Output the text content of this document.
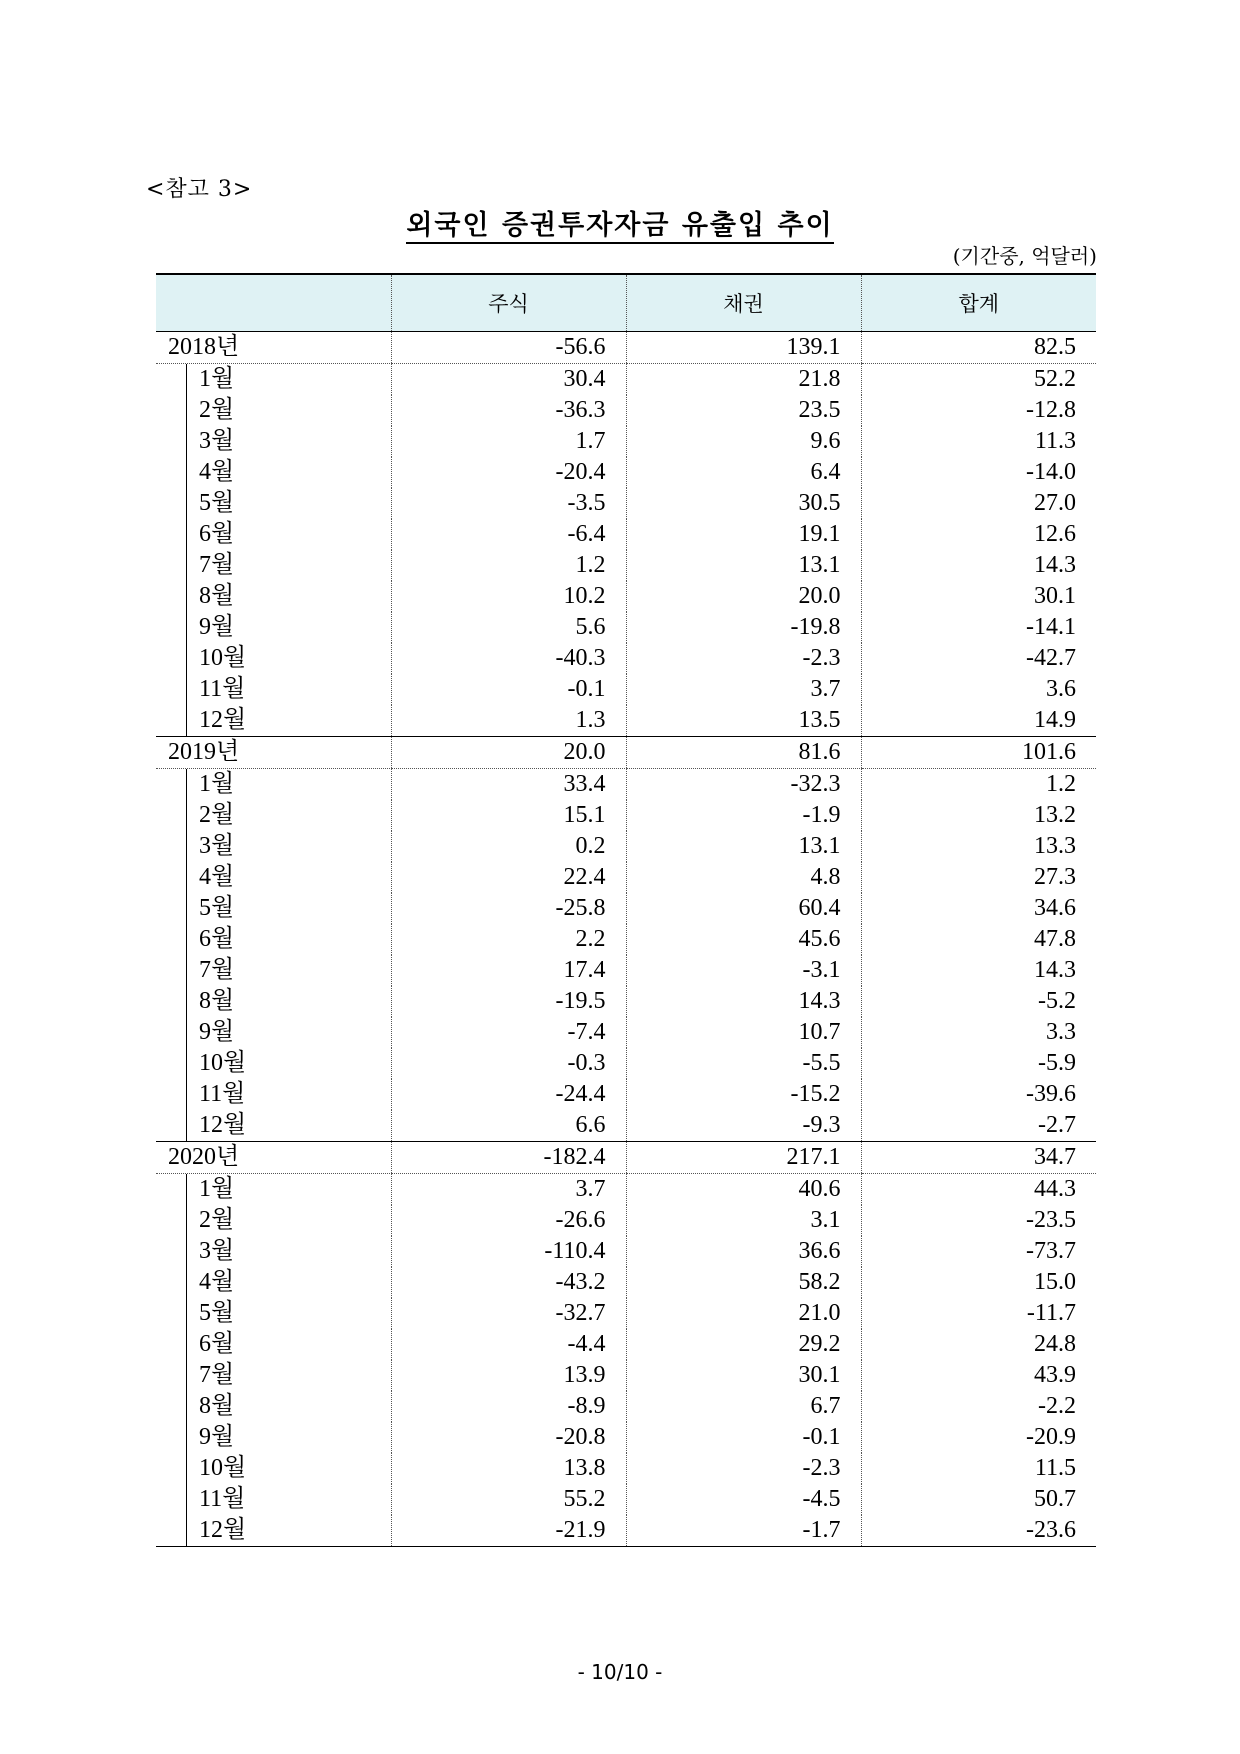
<참고 3>
외국인 증권투자자금 유출입 추이
(기간중, 억달러)
	주식	채권	합계
2018년	-56.6	139.1	82.5

1월	30.4	21.8	52.2

2월	-36.3	23.5	-12.8

3월	1.7	9.6	11.3

4월	-20.4	6.4	-14.0

5월	-3.5	30.5	27.0

6월	-6.4	19.1	12.6

7월	1.2	13.1	14.3

8월	10.2	20.0	30.1

9월	5.6	-19.8	-14.1

10월	-40.3	-2.3	-42.7

11월	-0.1	3.7	3.6

12월	1.3	13.5	14.9
2019년	20.0	81.6	101.6

1월	33.4	-32.3	1.2

2월	15.1	-1.9	13.2

3월	0.2	13.1	13.3

4월	22.4	4.8	27.3

5월	-25.8	60.4	34.6

6월	2.2	45.6	47.8

7월	17.4	-3.1	14.3

8월	-19.5	14.3	-5.2

9월	-7.4	10.7	3.3

10월	-0.3	-5.5	-5.9

11월	-24.4	-15.2	-39.6

12월	6.6	-9.3	-2.7
2020년	-182.4	217.1	34.7

1월	3.7	40.6	44.3

2월	-26.6	3.1	-23.5

3월	-110.4	36.6	-73.7

4월	-43.2	58.2	15.0

5월	-32.7	21.0	-11.7

6월	-4.4	29.2	24.8

7월	13.9	30.1	43.9

8월	-8.9	6.7	-2.2

9월	-20.8	-0.1	-20.9

10월	13.8	-2.3	11.5

11월	55.2	-4.5	50.7

12월	-21.9	-1.7	-23.6
- 10/10 -
